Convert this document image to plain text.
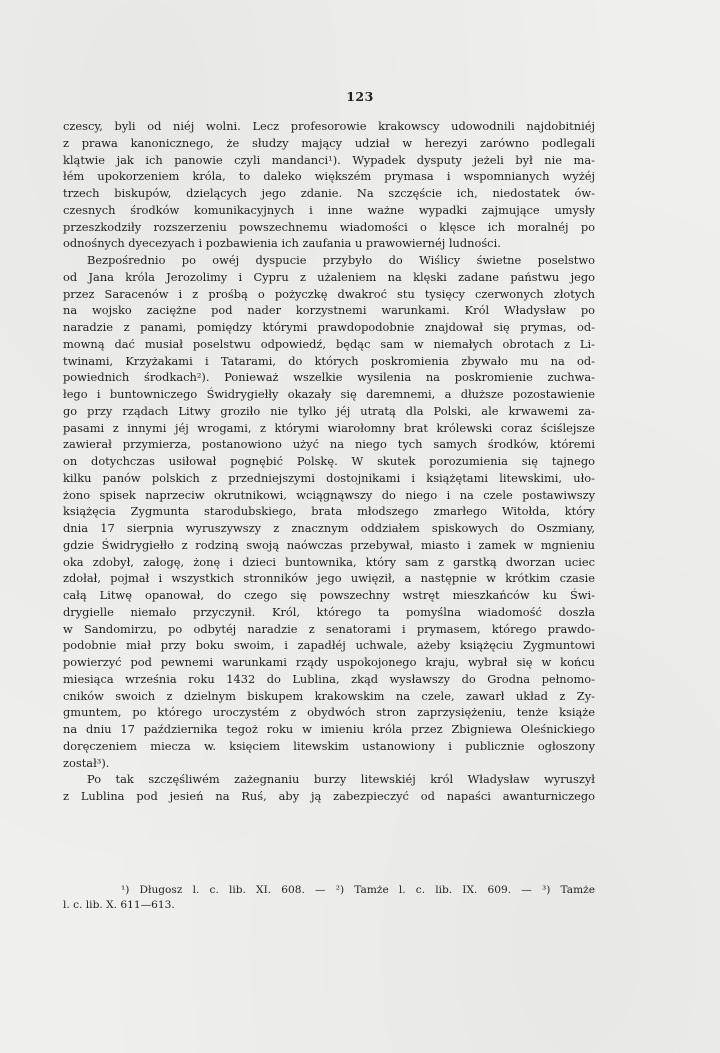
123
czescy, byli od niéj wolni. Lecz profesorowie krakowscy udowodnili najdobitniéj
z prawa kanonicznego, że słudzy mający udział w herezyi zarówno podlegali
klątwie jak ich panowie czyli mandanci¹). Wypadek dysputy jeżeli był nie ma-
łém upokorzeniem króla, to daleko większém prymasa i wspomnianych wyżéj
trzech biskupów, dzielących jego zdanie. Na szczęście ich, niedostatek ów-
czesnych środków komunikacyjnych i inne ważne wypadki zajmujące umysły
przeszkodziły rozszerzeniu powszechnemu wiadomości o klęsce ich moralnéj po
odnośnych dyecezyach i pozbawienia ich zaufania u prawowiernéj ludności.
Bezpośrednio po owéj dyspucie przybyło do Wiślicy świetne poselstwo
od Jana króla Jerozolimy i Cypru z użaleniem na klęski zadane państwu jego
przez Saracenów i z prośbą o pożyczkę dwakroć stu tysięcy czerwonych złotych
na wojsko zaciężne pod nader korzystnemi warunkami. Król Władysław po
naradzie z panami, pomiędzy którymi prawdopodobnie znajdował się prymas, od-
mowną dać musiał poselstwu odpowiedź, będąc sam w niemałych obrotach z Li-
twinami, Krzyżakami i Tatarami, do których poskromienia zbywało mu na od-
powiednich środkach²). Ponieważ wszelkie wysilenia na poskromienie zuchwa-
łego i buntowniczego Świdrygiełły okazały się daremnemi, a dłuższe pozostawienie
go przy rządach Litwy groziło nie tylko jéj utratą dla Polski, ale krwawemi za-
pasami z innymi jéj wrogami, z którymi wiarołomny brat królewski coraz ściślejsze
zawierał przymierza, postanowiono użyć na niego tych samych środków, któremi
on dotychczas usiłował pognębić Polskę. W skutek porozumienia się tajnego
kilku panów polskich z przedniejszymi dostojnikami i książętami litewskimi, uło-
żono spisek naprzeciw okrutnikowi, wciągnąwszy do niego i na czele postawiwszy
książęcia Zygmunta starodubskiego, brata młodszego zmarłego Witołda, który
dnia 17 sierpnia wyruszywszy z znacznym oddziałem spiskowych do Oszmiany,
gdzie Świdrygiełło z rodziną swoją naówczas przebywał, miasto i zamek w mgnieniu
oka zdobył, załogę, żonę i dzieci buntownika, który sam z garstką dworzan uciec
zdołał, pojmał i wszystkich stronników jego uwięził, a następnie w krótkim czasie
całą Litwę opanował, do czego się powszechny wstręt mieszkańców ku Świ-
drygielle niemało przyczynił. Król, którego ta pomyślna wiadomość doszła
w Sandomirzu, po odbytéj naradzie z senatorami i prymasem, którego prawdo-
podobnie miał przy boku swoim, i zapadłéj uchwale, ażeby książęciu Zygmuntowi
powierzyć pod pewnemi warunkami rządy uspokojonego kraju, wybrał się w końcu
miesiąca września roku 1432 do Lublina, zkąd wysławszy do Grodna pełnomo-
cników swoich z dzielnym biskupem krakowskim na czele, zawarł układ z Zy-
gmuntem, po którego uroczystém z obydwóch stron zaprzysiężeniu, tenże książe
na dniu 17 października tegoż roku w imieniu króla przez Zbigniewa Oleśnickiego
doręczeniem miecza w. księciem litewskim ustanowiony i publicznie ogłoszony
został³).
Po tak szczęśliwém zażegnaniu burzy litewskiéj król Władysław wyruszył
z Lublina pod jesień na Ruś, aby ją zabezpieczyć od napaści awanturniczego
¹) Długosz l. c. lib. XI. 608. — ²) Tamże l. c. lib. IX. 609. — ³) Tamże
l. c. lib. X. 611—613.
